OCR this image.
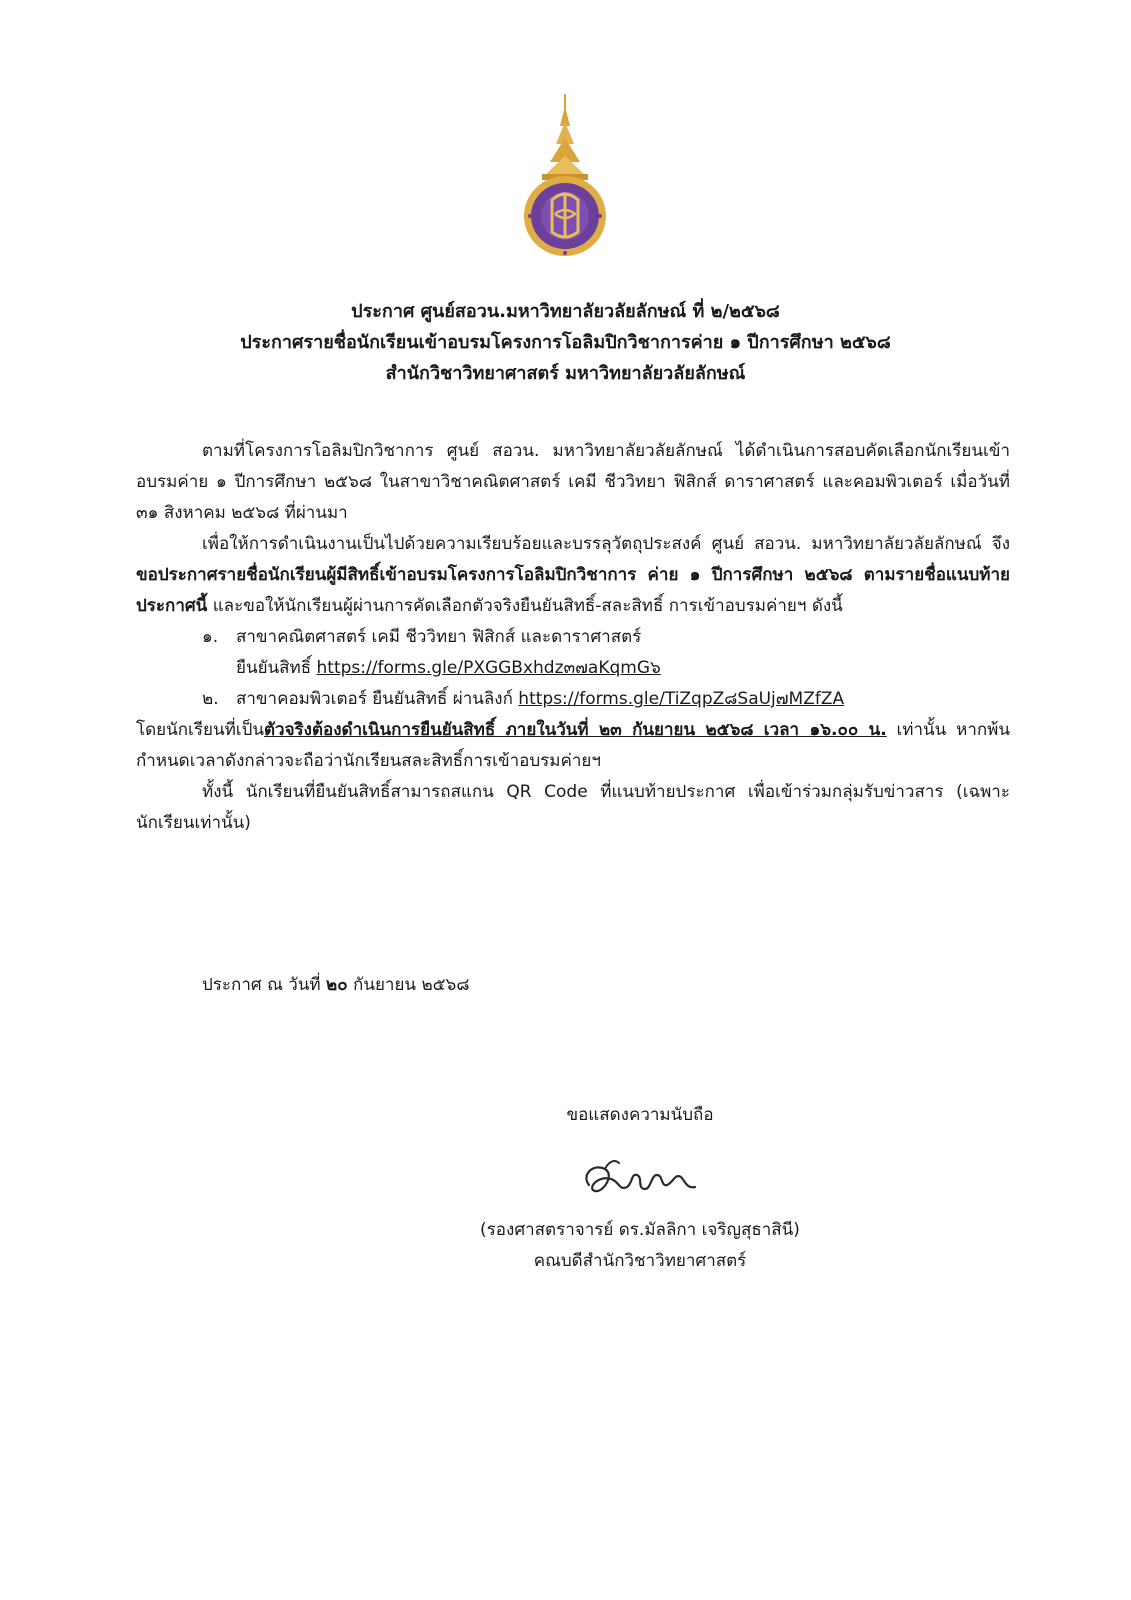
ประกาศ ศูนย์สอวน.มหาวิทยาลัยวลัยลักษณ์ ที่ ๒/๒๕๖๘

ประกาศรายชื่อนักเรียนเข้าอบรมโครงการโอลิมปิกวิชาการค่าย ๑ ปีการศึกษา ๒๕๖๘

สำนักวิชาวิทยาศาสตร์ มหาวิทยาลัยวลัยลักษณ์

ตามที่โครงการโอลิมปิกวิชาการ ศูนย์ สอวน. มหาวิทยาลัยวลัยลักษณ์ ได้ดำเนินการสอบคัดเลือกนักเรียนเข้าอบรมค่าย ๑ ปีการศึกษา ๒๕๖๘ ในสาขาวิชาคณิตศาสตร์ เคมี ชีววิทยา ฟิสิกส์ ดาราศาสตร์ และคอมพิวเตอร์ เมื่อวันที่ ๓๑ สิงหาคม ๒๕๖๘ ที่ผ่านมา

เพื่อให้การดำเนินงานเป็นไปด้วยความเรียบร้อยและบรรลุวัตถุประสงค์ ศูนย์ สอวน. มหาวิทยาลัยวลัยลักษณ์ จึงขอประกาศรายชื่อนักเรียนผู้มีสิทธิ์เข้าอบรมโครงการโอลิมปิกวิชาการ ค่าย ๑ ปีการศึกษา ๒๕๖๘ ตามรายชื่อแนบท้ายประกาศนี้ และขอให้นักเรียนผู้ผ่านการคัดเลือกตัวจริงยืนยันสิทธิ์-สละสิทธิ์ การเข้าอบรมค่ายฯ ดังนี้

๑. สาขาคณิตศาสตร์ เคมี ชีววิทยา ฟิสิกส์ และดาราศาสตร์

ยืนยันสิทธิ์ https://forms.gle/PXGGBxhdz๓๗aKqmG๖

๒. สาขาคอมพิวเตอร์ ยืนยันสิทธิ์ ผ่านลิงก์ https://forms.gle/TiZqpZ๘SaUj๗MZfZA

โดยนักเรียนที่เป็นตัวจริงต้องดำเนินการยืนยันสิทธิ์ ภายในวันที่ ๒๓ กันยายน ๒๕๖๘ เวลา ๑๖.๐๐ น. เท่านั้น หากพ้นกำหนดเวลาดังกล่าวจะถือว่านักเรียนสละสิทธิ์การเข้าอบรมค่ายฯ

ทั้งนี้ นักเรียนที่ยืนยันสิทธิ์สามารถสแกน QR Code ที่แนบท้ายประกาศ เพื่อเข้าร่วมกลุ่มรับข่าวสาร (เฉพาะนักเรียนเท่านั้น)

ประกาศ ณ วันที่ ๒๐ กันยายน ๒๕๖๘

ขอแสดงความนับถือ

(รองศาสตราจารย์ ดร.มัลลิกา เจริญสุธาสินี)

คณบดีสำนักวิชาวิทยาศาสตร์
